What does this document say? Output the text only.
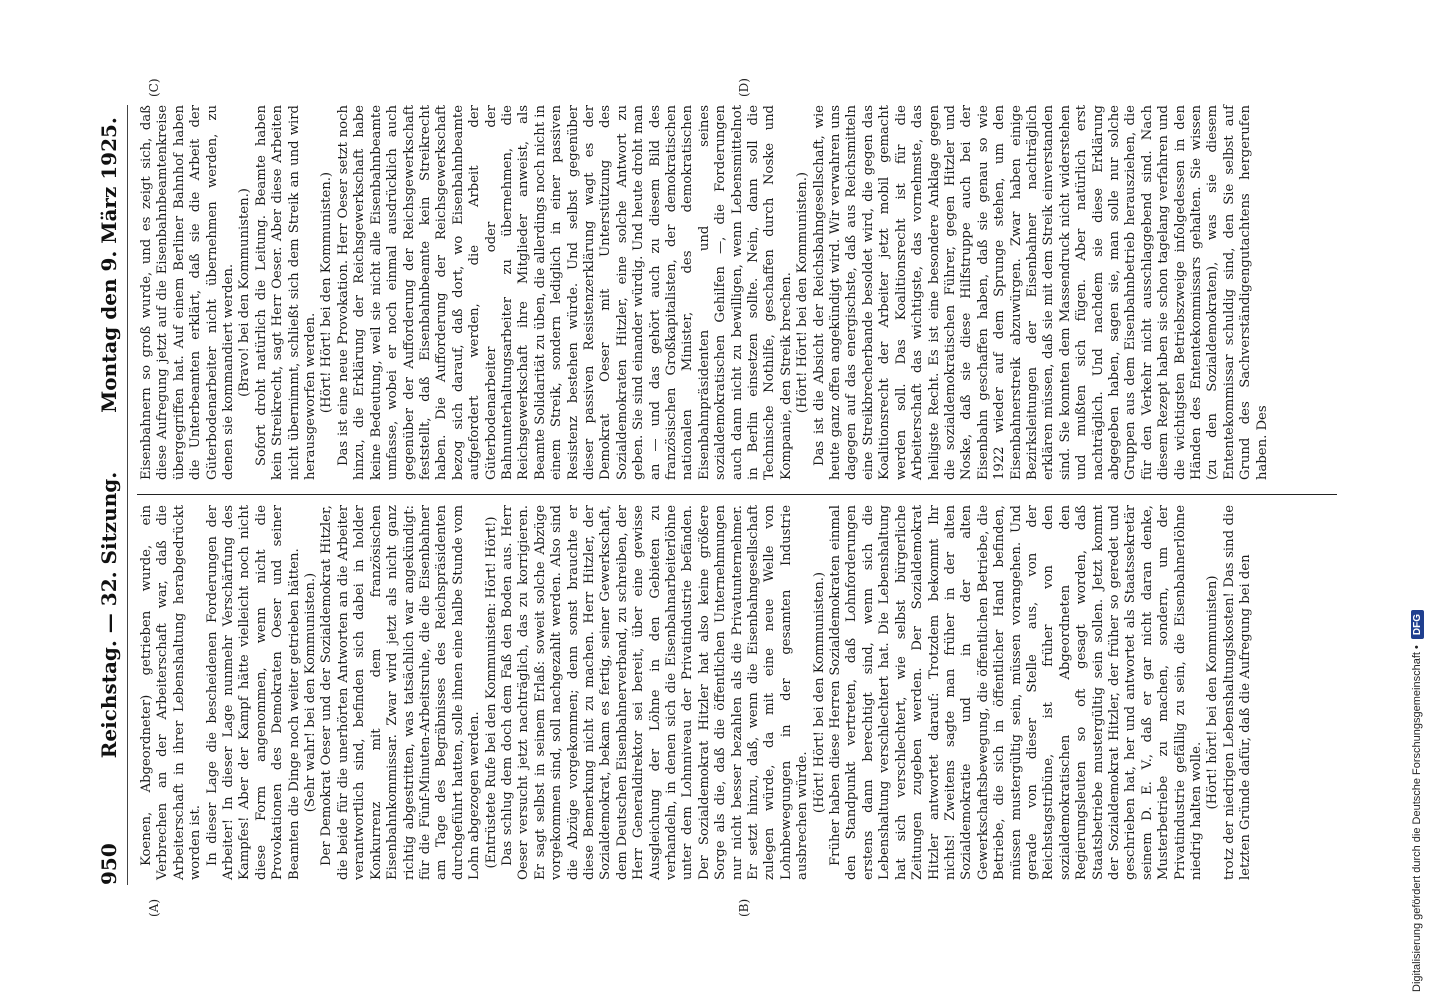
950
Reichstag. — 32. Sitzung.
Montag den 9. März 1925.
(A)	(B)
(C)	(D)

Koenen, Abgeordneter) getrieben wurde, ein Verbrechen an der Arbeiterschaft war, daß die Arbeiterschaft in ihrer Lebenshaltung herabgedrückt worden ist. In dieser Lage die bescheidenen Forderungen der Arbeiter! In dieser Lage nunmehr Verschärfung des Kampfes! Aber der Kampf hätte vielleicht noch nicht diese Form angenommen, wenn nicht die Provokationen des Demokraten Oeser und seiner Beamten die Dinge noch weiter getrieben hätten. (Sehr wahr! bei den Kommunisten.) Der Demokrat Oeser und der Sozialdemokrat Hitzler, die beide für die unerhörten Antworten an die Arbeiter verantwortlich sind, befinden sich dabei in holder Konkurrenz mit dem französischen Eisenbahnkommissar. Zwar wird jetzt als nicht ganz richtig abgestritten, was tatsächlich war angekündigt: für die Fünf-Minuten-Arbeitsruhe, die die Eisenbahner am Tage des Begräbnisses des Reichspräsidenten durchgeführt hatten, solle ihnen eine halbe Stunde vom Lohn abgezogen werden. (Entrüstete Rufe bei den Kommunisten: Hört! Hört!) Das schlug dem doch dem Faß den Boden aus. Herr Oeser versucht jetzt nachträglich, das zu korrigieren. Er sagt selbst in seinem Erlaß: soweit solche Abzüge vorgekommen sind, soll nachgezahlt werden. Also sind die Abzüge vorgekommen; denn sonst brauchte er diese Bemerkung nicht zu machen. Herr Hitzler, der Sozialdemokrat, bekam es fertig, seiner Gewerkschaft, dem Deutschen Eisenbahnerverband, zu schreiben, der Herr Generaldirektor sei bereit, über eine gewisse Ausgleichung der Löhne in den Gebieten zu verhandeln, in denen sich die Eisenbahnarbeiterlöhne unter dem Lohnniveau der Privatindustrie befänden. Der Sozialdemokrat Hitzler hat also keine größere Sorge als die, daß die öffentlichen Unternehmungen nur nicht besser bezahlen als die Privatunternehmer. Er setzt hinzu, daß, wenn die Eisenbahngesellschaft zulegen würde, da mit eine neue Welle von Lohnbewegungen in der gesamten Industrie ausbrechen würde.

(Hört! Hört! bei den Kommunisten.) Früher haben diese Herren Sozialdemokraten einmal den Standpunkt vertreten, daß Lohnforderungen erstens dann berechtigt sind, wenn sich die Lebenshaltung verschlechtert hat. Die Lebenshaltung hat sich verschlechtert, wie selbst bürgerliche Zeitungen zugeben werden. Der Sozialdemokrat Hitzler antwortet darauf: Trotzdem bekommt Ihr nichts! Zweitens sagte man früher in der alten Sozialdemokratie und in der alten Gewerkschaftsbewegung, die öffentlichen Betriebe, die Betriebe, die sich in öffentlicher Hand befinden, müssen mustergültig sein, müssen vorangehen. Und gerade von dieser Stelle aus, von der Reichstagstribüne, ist früher von den sozialdemokratischen Abgeordneten den Regierungsleuten so oft gesagt worden, daß Staatsbetriebe mustergültig sein sollen. Jetzt kommt der Sozialdemokrat Hitzler, der früher so geredet und geschrieben hat, her und antwortet als Staatssekretär seinem D. E. V., daß er gar nicht daran denke, Musterbetriebe zu machen, sondern, um der Privatindustrie gefällig zu sein, die Eisenbahnerlöhne niedrig halten wolle.

(Hört! hört! bei den Kommunisten) trotz der niedrigen Lebenshaltungskosten! Das sind die letzten Gründe dafür, daß die Aufregung bei den

Eisenbahnern so groß wurde, und es zeigt sich, daß diese Aufregung jetzt auf die Eisenbahnbeamtenkreise übergegriffen hat. Auf einem Berliner Bahnhof haben die Unterbeamten erklärt, daß sie die Arbeit der Güterbodenarbeiter nicht übernehmen werden, zu denen sie kommandiert werden. (Bravo! bei den Kommunisten.) Sofort droht natürlich die Leitung. Beamte haben kein Streikrecht, sagt Herr Oeser. Aber diese Arbeiten nicht übernimmt, schließt sich dem Streik an und wird herausgeworfen werden. (Hört! Hört! bei den Kommunisten.) Das ist eine neue Provokation. Herr Oeser setzt noch hinzu, die Erklärung der Reichsgewerkschaft habe keine Bedeutung, weil sie nicht alle Eisenbahnbeamte umfasse, wobei er noch einmal ausdrücklich auch gegenüber der Aufforderung der Reichsgewerkschaft feststellt, daß Eisenbahnbeamte kein Streikrecht haben. Die Aufforderung der Reichsgewerkschaft bezog sich darauf, daß dort, wo Eisenbahnbeamte aufgefordert werden, die Arbeit der Güterbodenarbeiter oder der Bahnunterhaltungsarbeiter zu übernehmen, die Reichsgewerkschaft ihre Mitglieder anweist, als Beamte Solidarität zu üben, die allerdings noch nicht in einem Streik, sondern lediglich in einer passiven Resistenz bestehen würde. Und selbst gegenüber dieser passiven Resistenzerklärung wagt es der Demokrat Oeser mit Unterstützung des Sozialdemokraten Hitzler, eine solche Antwort zu geben. Sie sind einander würdig. Und heute droht man an — und das gehört auch zu diesem Bild des französischen Großkapitalisten, der demokratischen nationalen Minister, des demokratischen Eisenbahnpräsidenten und seines sozialdemokratischen Gehilfen —, die Forderungen auch dann nicht zu bewilligen, wenn Lebensmittelnot in Berlin einsetzen sollte. Nein, dann soll die Technische Nothilfe, geschaffen durch Noske und Kompanie, den Streik brechen. (Hört! Hört! bei den Kommunisten.) Das ist die Absicht der Reichsbahngesellschaft, wie heute ganz offen angekündigt wird. Wir verwahren uns dagegen auf das energischste, daß aus Reichsmitteln eine Streikbrecherbande besoldet wird, die gegen das Koalitionsrecht der Arbeiter jetzt mobil gemacht werden soll. Das Koalitionsrecht ist für die Arbeiterschaft das wichtigste, das vornehmste, das heiligste Recht. Es ist eine besondere Anklage gegen die sozialdemokratischen Führer, gegen Hitzler und Noske, daß sie diese Hilfstruppe auch bei der Eisenbahn geschaffen haben, daß sie genau so wie 1922 wieder auf dem Sprunge stehen, um den Eisenbahnerstreik abzuwürgen. Zwar haben einige Bezirksleitungen der Eisenbahner nachträglich erklären müssen, daß sie mit dem Streik einverstanden sind. Sie konnten dem Massendruck nicht widerstehen und mußten sich fügen. Aber natürlich erst nachträglich. Und nachdem sie diese Erklärung abgegeben haben, sagen sie, man solle nur solche Gruppen aus dem Eisenbahnbetrieb herausziehen, die für den Verkehr nicht ausschlaggebend sind. Nach diesem Rezept haben sie schon tagelang verfahren und die wichtigsten Betriebszweige infolgedessen in den Händen des Ententekommissars gehalten. Sie wissen (zu den Sozialdemokraten), was sie diesem Ententekommissar schuldig sind, den Sie selbst auf Grund des Sachverständigengutachtens hergerufen haben. Des

Digitalisierung gefördert durch die Deutsche Forschungsgemeinschaft •
DFG
